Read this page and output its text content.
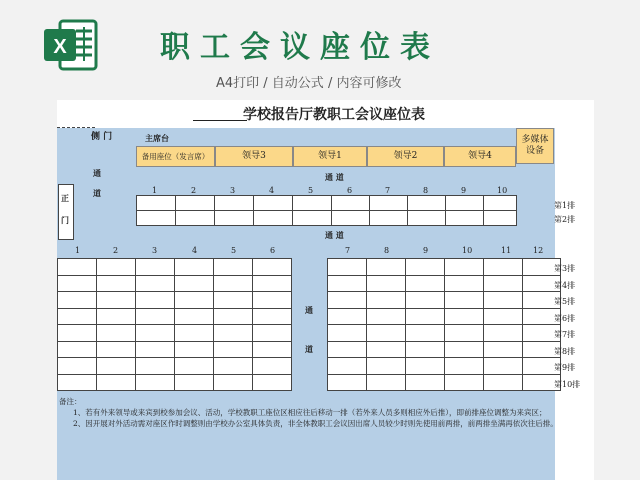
X	职工会议座位表
A4打印 / 自动公式 / 内容可修改
学校报告厅教职工会议座位表
侧 门	主席台
通
道
正
门
备用座位（发言席）	领导3	领导1	领导2	领导4
多媒体设备
通 道

第1排
第2排
通 道

通
道
备注：
1、若有外来领导或来宾到校参加会议、活动，学校教职工座位区相应往后移动一排（若外来人员多则相应外后推），即前排座位调整为来宾区；
2、因开展对外活动需对座区作时调整则由学校办公室具体负责，非全体教职工会议因出席人员较少时则先使用前两排，前两排坐满再依次往后排。
1	2	3	4	5	6	7	8	9	10
1	2	3	4	5	6	7	8	9	10	11	12
第3排
第4排
第5排
第6排
第7排
第8排
第9排
第10排
